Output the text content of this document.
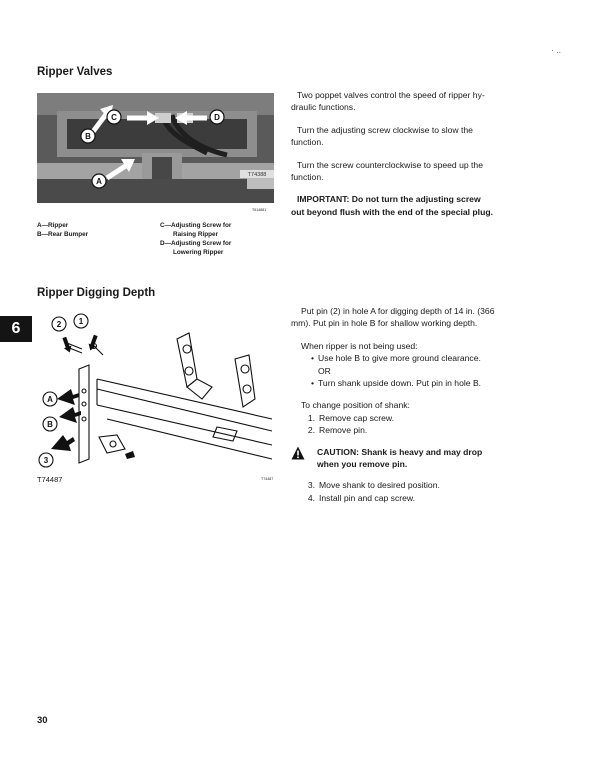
· ..
Ripper Valves
C	D
B
A
T74388
T614881
A—Ripper
B—Rear Bumper
C—Adjusting Screw for
Raising Ripper
D—Adjusting Screw for
Lowering Ripper

Two poppet valves control the speed of ripper hy-

draulic functions.

Turn the adjusting screw clockwise to slow the

function.

Turn the screw counterclockwise to speed up the

function.

IMPORTANT: Do not turn the adjusting screw

out beyond flush with the end of the special plug.

Ripper Digging Depth
6	2 1
A
B
3
T74487	T74487

Put pin (2) in hole A for digging depth of 14 in. (366

mm). Put pin in hole B for shallow working depth.

When ripper is not being used:

• Use hole B to give more ground clearance.
OR
• Turn shank upside down. Put pin in hole B.

To change position of shank:

1. Remove cap screw.
2. Remove pin.

CAUTION: Shank is heavy and may drop

when you remove pin.

3. Move shank to desired position.
4. Install pin and cap screw.
30
